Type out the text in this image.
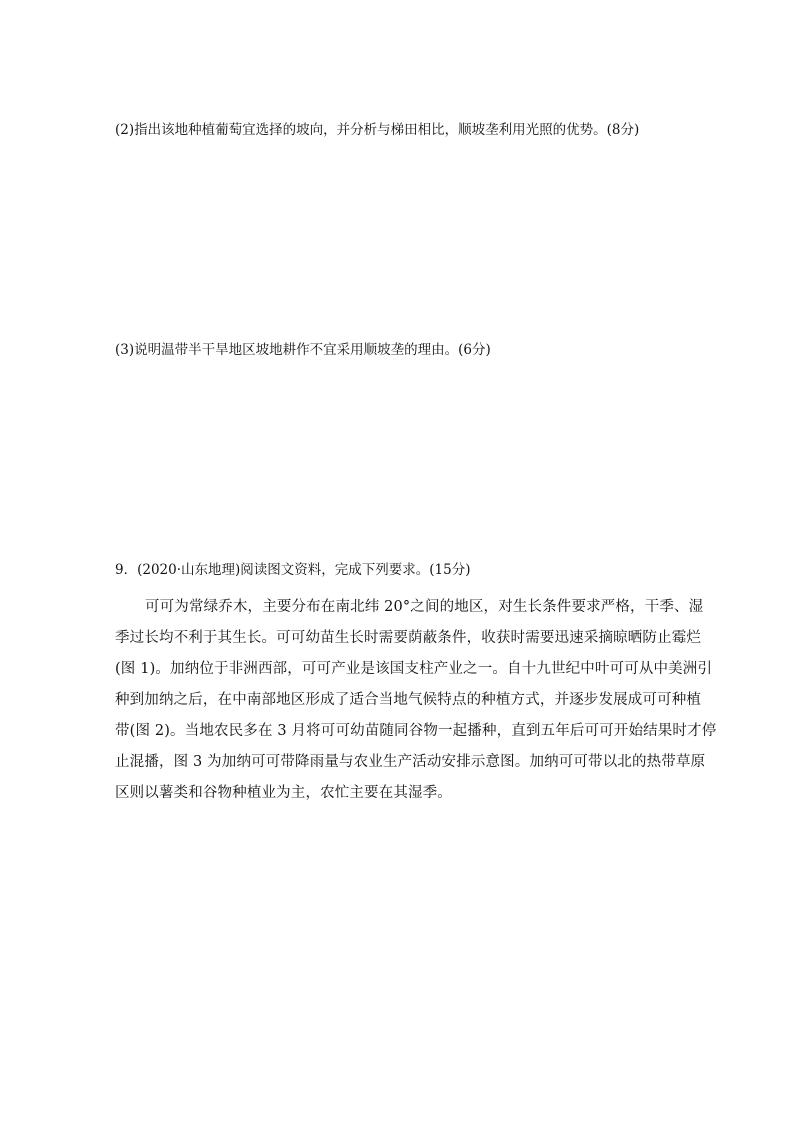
(2)指出该地种植葡萄宜选择的坡向，并分析与梯田相比，顺坡垄利用光照的优势。(8分)
(3)说明温带半干旱地区坡地耕作不宜采用顺坡垄的理由。(6分)
9．(2020·山东地理)阅读图文资料，完成下列要求。(15分)
可可为常绿乔木，主要分布在南北纬 20°之间的地区，对生长条件要求严格，干季、湿
季过长均不利于其生长。可可幼苗生长时需要荫蔽条件，收获时需要迅速采摘晾晒防止霉烂
(图 1)。加纳位于非洲西部，可可产业是该国支柱产业之一。自十九世纪中叶可可从中美洲引
种到加纳之后，在中南部地区形成了适合当地气候特点的种植方式，并逐步发展成可可种植
带(图 2)。当地农民多在 3 月将可可幼苗随同谷物一起播种，直到五年后可可开始结果时才停
止混播，图 3 为加纳可可带降雨量与农业生产活动安排示意图。加纳可可带以北的热带草原
区则以薯类和谷物种植业为主，农忙主要在其湿季。
